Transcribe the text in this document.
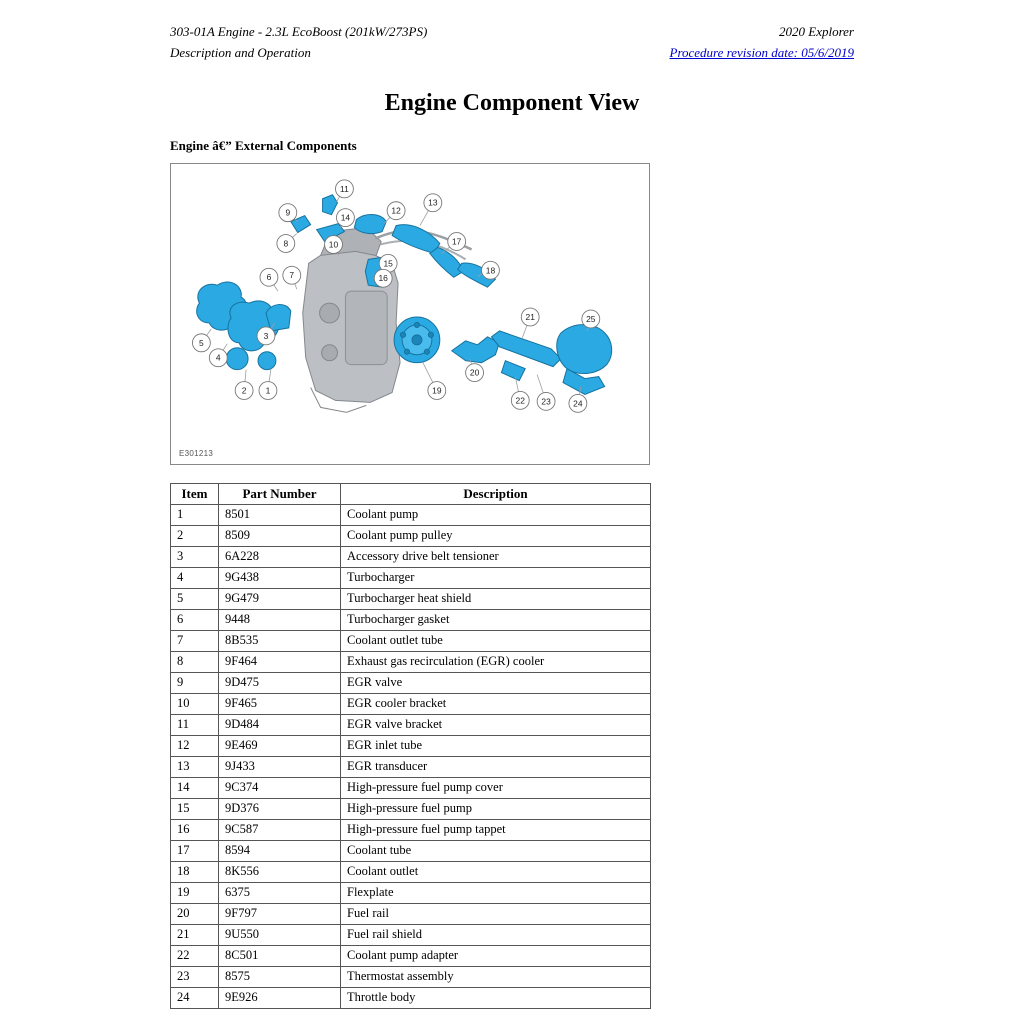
303-01A Engine - 2.3L EcoBoost (201kW/273PS)
Description and Operation
2020 Explorer
Procedure revision date: 05/6/2019
Engine Component View
Engine â€” External Components
1
2
3
4
5
6 7
8
9
10
11
12
13
14
15
16
17
18
19
20
21
22 23	24
25
E301213
Item	Part Number	Description
1	8501	Coolant pump
2	8509	Coolant pump pulley
3	6A228	Accessory drive belt tensioner
4	9G438	Turbocharger
5	9G479	Turbocharger heat shield
6	9448	Turbocharger gasket
7	8B535	Coolant outlet tube
8	9F464	Exhaust gas recirculation (EGR) cooler
9	9D475	EGR valve
10	9F465	EGR cooler bracket
11	9D484	EGR valve bracket
12	9E469	EGR inlet tube
13	9J433	EGR transducer
14	9C374	High-pressure fuel pump cover
15	9D376	High-pressure fuel pump
16	9C587	High-pressure fuel pump tappet
17	8594	Coolant tube
18	8K556	Coolant outlet
19	6375	Flexplate
20	9F797	Fuel rail
21	9U550	Fuel rail shield
22	8C501	Coolant pump adapter
23	8575	Thermostat assembly
24	9E926	Throttle body
